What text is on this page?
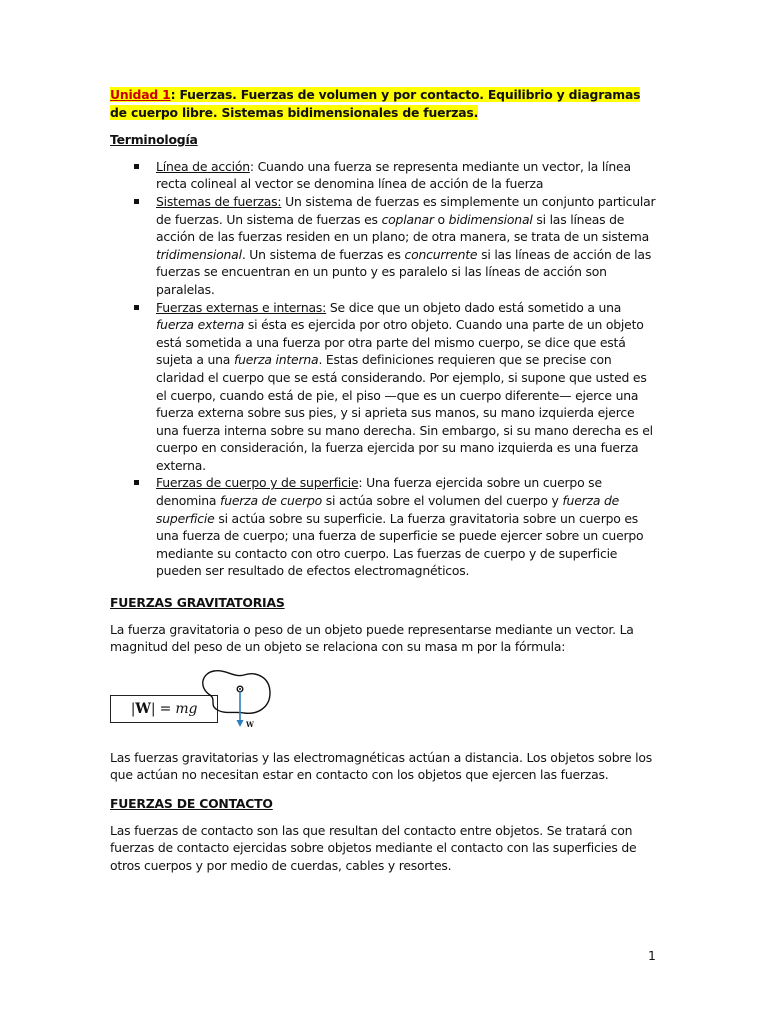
Unidad 1: Fuerzas. Fuerzas de volumen y por contacto. Equilibrio y diagramas de cuerpo libre. Sistemas bidimensionales de fuerzas.
Terminología
Línea de acción: Cuando una fuerza se representa mediante un vector, la línea recta colineal al vector se denomina línea de acción de la fuerza
Sistemas de fuerzas: Un sistema de fuerzas es simplemente un conjunto particular de fuerzas. Un sistema de fuerzas es coplanar o bidimensional si las líneas de acción de las fuerzas residen en un plano; de otra manera, se trata de un sistema tridimensional. Un sistema de fuerzas es concurrente si las líneas de acción de las fuerzas se encuentran en un punto y es paralelo si las líneas de acción son paralelas.
Fuerzas externas e internas: Se dice que un objeto dado está sometido a una fuerza externa si ésta es ejercida por otro objeto. Cuando una parte de un objeto está sometida a una fuerza por otra parte del mismo cuerpo, se dice que está sujeta a una fuerza interna. Estas definiciones requieren que se precise con claridad el cuerpo que se está considerando. Por ejemplo, si supone que usted es el cuerpo, cuando está de pie, el piso —que es un cuerpo diferente— ejerce una fuerza externa sobre sus pies, y si aprieta sus manos, su mano izquierda ejerce una fuerza interna sobre su mano derecha. Sin embargo, si su mano derecha es el cuerpo en consideración, la fuerza ejercida por su mano izquierda es una fuerza externa.
Fuerzas de cuerpo y de superficie: Una fuerza ejercida sobre un cuerpo se denomina fuerza de cuerpo si actúa sobre el volumen del cuerpo y fuerza de superficie si actúa sobre su superficie. La fuerza gravitatoria sobre un cuerpo es una fuerza de cuerpo; una fuerza de superficie se puede ejercer sobre un cuerpo mediante su contacto con otro cuerpo. Las fuerzas de cuerpo y de superficie pueden ser resultado de efectos electromagnéticos.
FUERZAS GRAVITATORIAS

La fuerza gravitatoria o peso de un objeto puede representarse mediante un vector. La magnitud del peso de un objeto se relaciona con su masa m por la fórmula:

|W| = mg
W

Las fuerzas gravitatorias y las electromagnéticas actúan a distancia. Los objetos sobre los que actúan no necesitan estar en contacto con los objetos que ejercen las fuerzas.

FUERZAS DE CONTACTO

Las fuerzas de contacto son las que resultan del contacto entre objetos. Se tratará con fuerzas de contacto ejercidas sobre objetos mediante el contacto con las superficies de otros cuerpos y por medio de cuerdas, cables y resortes.

1
